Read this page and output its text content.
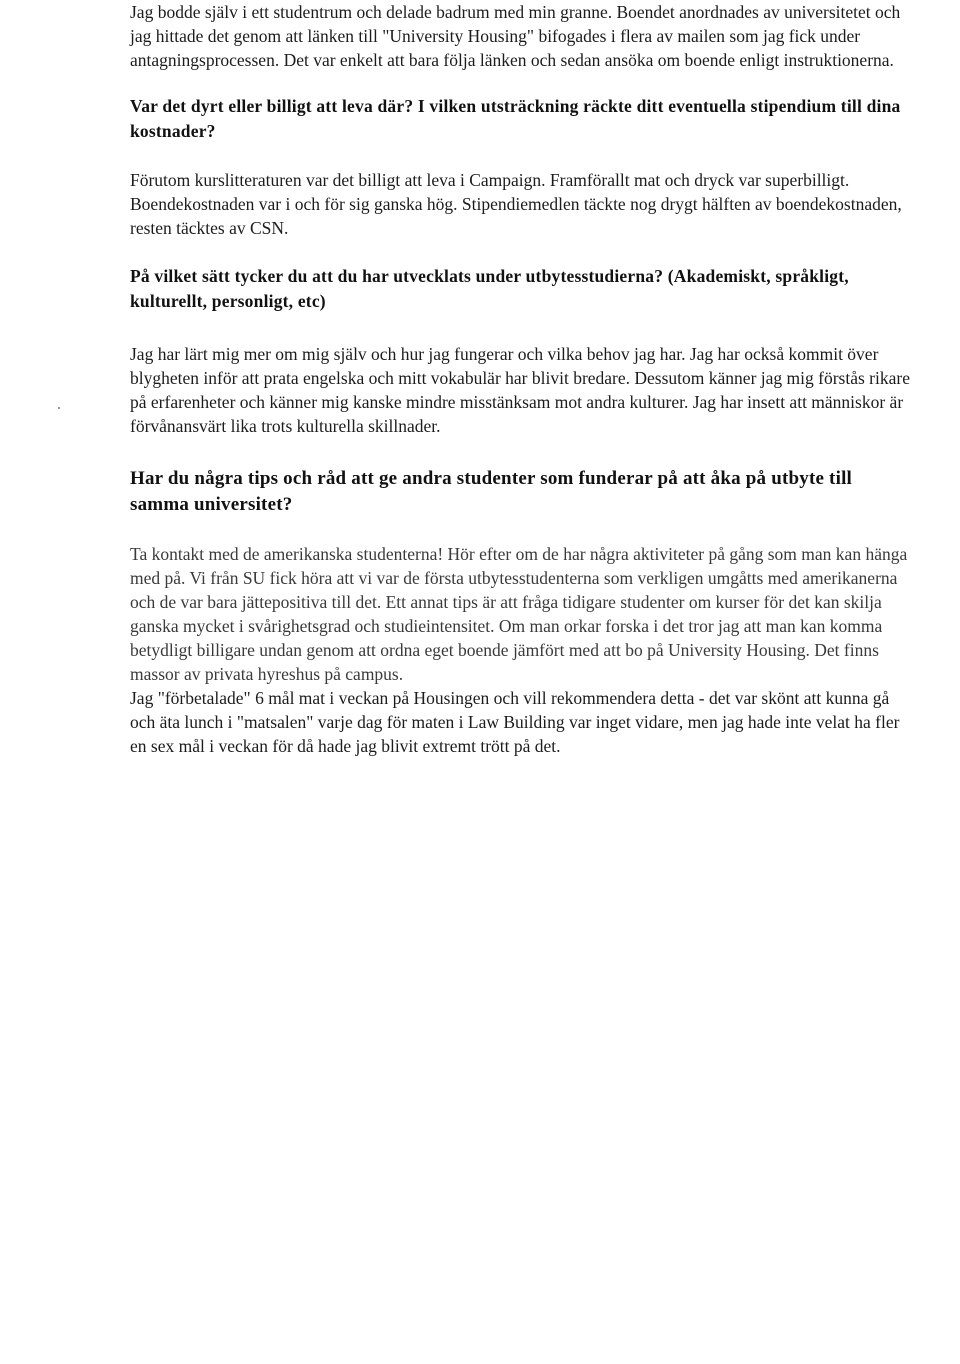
Jag bodde själv i ett studentrum och delade badrum med min granne. Boendet anordnades av universitetet och jag hittade det genom att länken till "University Housing" bifogades i flera av mailen som jag fick under antagningsprocessen. Det var enkelt att bara följa länken och sedan ansöka om boende enligt instruktionerna.

Var det dyrt eller billigt att leva där? I vilken utsträckning räckte ditt eventuella stipendium till dina kostnader?

Förutom kurslitteraturen var det billigt att leva i Campaign. Framförallt mat och dryck var superbilligt. Boendekostnaden var i och för sig ganska hög. Stipendiemedlen täckte nog drygt hälften av boendekostnaden, resten täcktes av CSN.

På vilket sätt tycker du att du har utvecklats under utbytesstudierna? (Akademiskt, språkligt, kulturellt, personligt, etc)

Jag har lärt mig mer om mig själv och hur jag fungerar och vilka behov jag har. Jag har också kommit över blygheten inför att prata engelska och mitt vokabulär har blivit bredare. Dessutom känner jag mig förstås rikare på erfarenheter och känner mig kanske mindre misstänksam mot andra kulturer. Jag har insett att människor är förvånansvärt lika trots kulturella skillnader.

Har du några tips och råd att ge andra studenter som funderar på att åka på utbyte till samma universitet?

Ta kontakt med de amerikanska studenterna! Hör efter om de har några aktiviteter på gång som man kan hänga med på. Vi från SU fick höra att vi var de första utbytesstudenterna som verkligen umgåtts med amerikanerna och de var bara jättepositiva till det. Ett annat tips är att fråga tidigare studenter om kurser för det kan skilja ganska mycket i svårighetsgrad och studieintensitet. Om man orkar forska i det tror jag att man kan komma betydligt billigare undan genom att ordna eget boende jämfört med att bo på University Housing. Det finns massor av privata hyreshus på campus.

Jag "förbetalade" 6 mål mat i veckan på Housingen och vill rekommendera detta - det var skönt att kunna gå och äta lunch i "matsalen" varje dag för maten i Law Building var inget vidare, men jag hade inte velat ha fler en sex mål i veckan för då hade jag blivit extremt trött på det.
